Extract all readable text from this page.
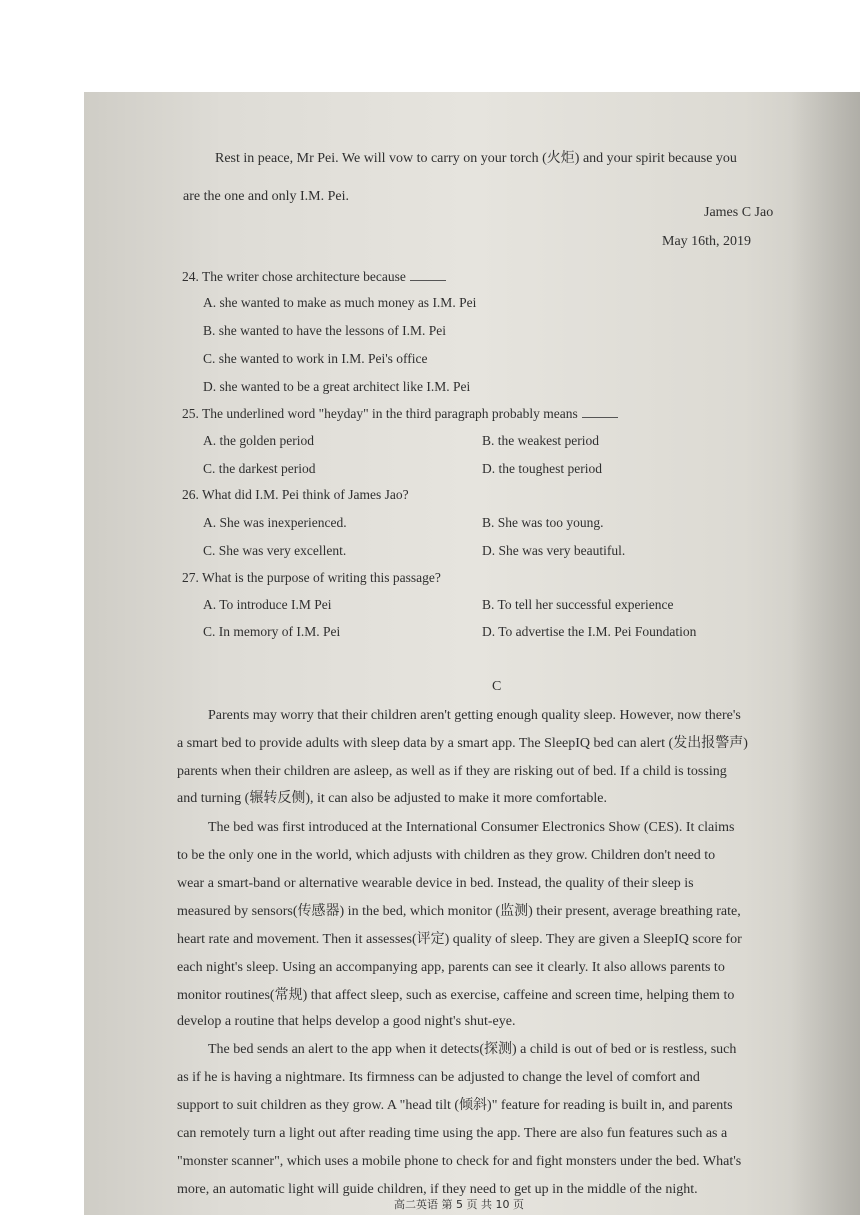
Rest in peace, Mr Pei. We will vow to carry on your torch (火炬) and your spirit because you
are the one and only I.M. Pei.
James C Jao
May 16th, 2019
24. The writer chose architecture because
A. she wanted to make as much money as I.M. Pei
B. she wanted to have the lessons of I.M. Pei
C. she wanted to work in I.M. Pei's office
D. she wanted to be a great architect like I.M. Pei
25. The underlined word "heyday" in the third paragraph probably means
A. the golden period	B. the weakest period
C. the darkest period	D. the toughest period
26. What did I.M. Pei think of James Jao?
A. She was inexperienced.	B. She was too young.
C. She was very excellent.	D. She was very beautiful.
27. What is the purpose of writing this passage?
A. To introduce I.M Pei	B. To tell her successful experience
C. In memory of I.M. Pei	D. To advertise the I.M. Pei Foundation
C
Parents may worry that their children aren't getting enough quality sleep. However, now there's
a smart bed to provide adults with sleep data by a smart app. The SleepIQ bed can alert (发出报警声)
parents when their children are asleep, as well as if they are risking out of bed. If a child is tossing
and turning (辗转反侧), it can also be adjusted to make it more comfortable.
The bed was first introduced at the International Consumer Electronics Show (CES). It claims
to be the only one in the world, which adjusts with children as they grow. Children don't need to
wear a smart-band or alternative wearable device in bed. Instead, the quality of their sleep is
measured by sensors(传感器) in the bed, which monitor (监测) their present, average breathing rate,
heart rate and movement. Then it assesses(评定) quality of sleep. They are given a SleepIQ score for
each night's sleep. Using an accompanying app, parents can see it clearly. It also allows parents to
monitor routines(常规) that affect sleep, such as exercise, caffeine and screen time, helping them to
develop a routine that helps develop a good night's shut-eye.
The bed sends an alert to the app when it detects(探测) a child is out of bed or is restless, such
as if he is having a nightmare. Its firmness can be adjusted to change the level of comfort and
support to suit children as they grow. A "head tilt (倾斜)" feature for reading is built in, and parents
can remotely turn a light out after reading time using the app. There are also fun features such as a
"monster scanner", which uses a mobile phone to check for and fight monsters under the bed. What's
more, an automatic light will guide children, if they need to get up in the middle of the night.
高二英语 第 5 页 共 10 页
